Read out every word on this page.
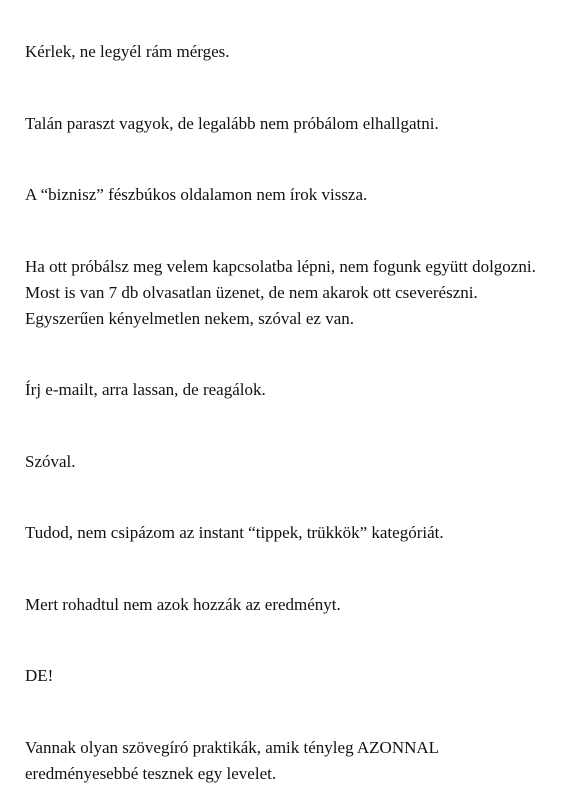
Kérlek, ne legyél rám mérges.

Talán paraszt vagyok, de legalább nem próbálom elhallgatni.

A “biznisz” fészbúkos oldalamon nem írok vissza.

Ha ott próbálsz meg velem kapcsolatba lépni, nem fogunk együtt dolgozni.
Most is van 7 db olvasatlan üzenet, de nem akarok ott cseverészni.
Egyszerűen kényelmetlen nekem, szóval ez van.

Írj e-mailt, arra lassan, de reagálok.

Szóval.

Tudod, nem csipázom az instant “tippek, trükkök” kategóriát.

Mert rohadtul nem azok hozzák az eredményt.

DE!

Vannak olyan szövegíró praktikák, amik tényleg AZONNAL
eredményesebbé tesznek egy levelet.
